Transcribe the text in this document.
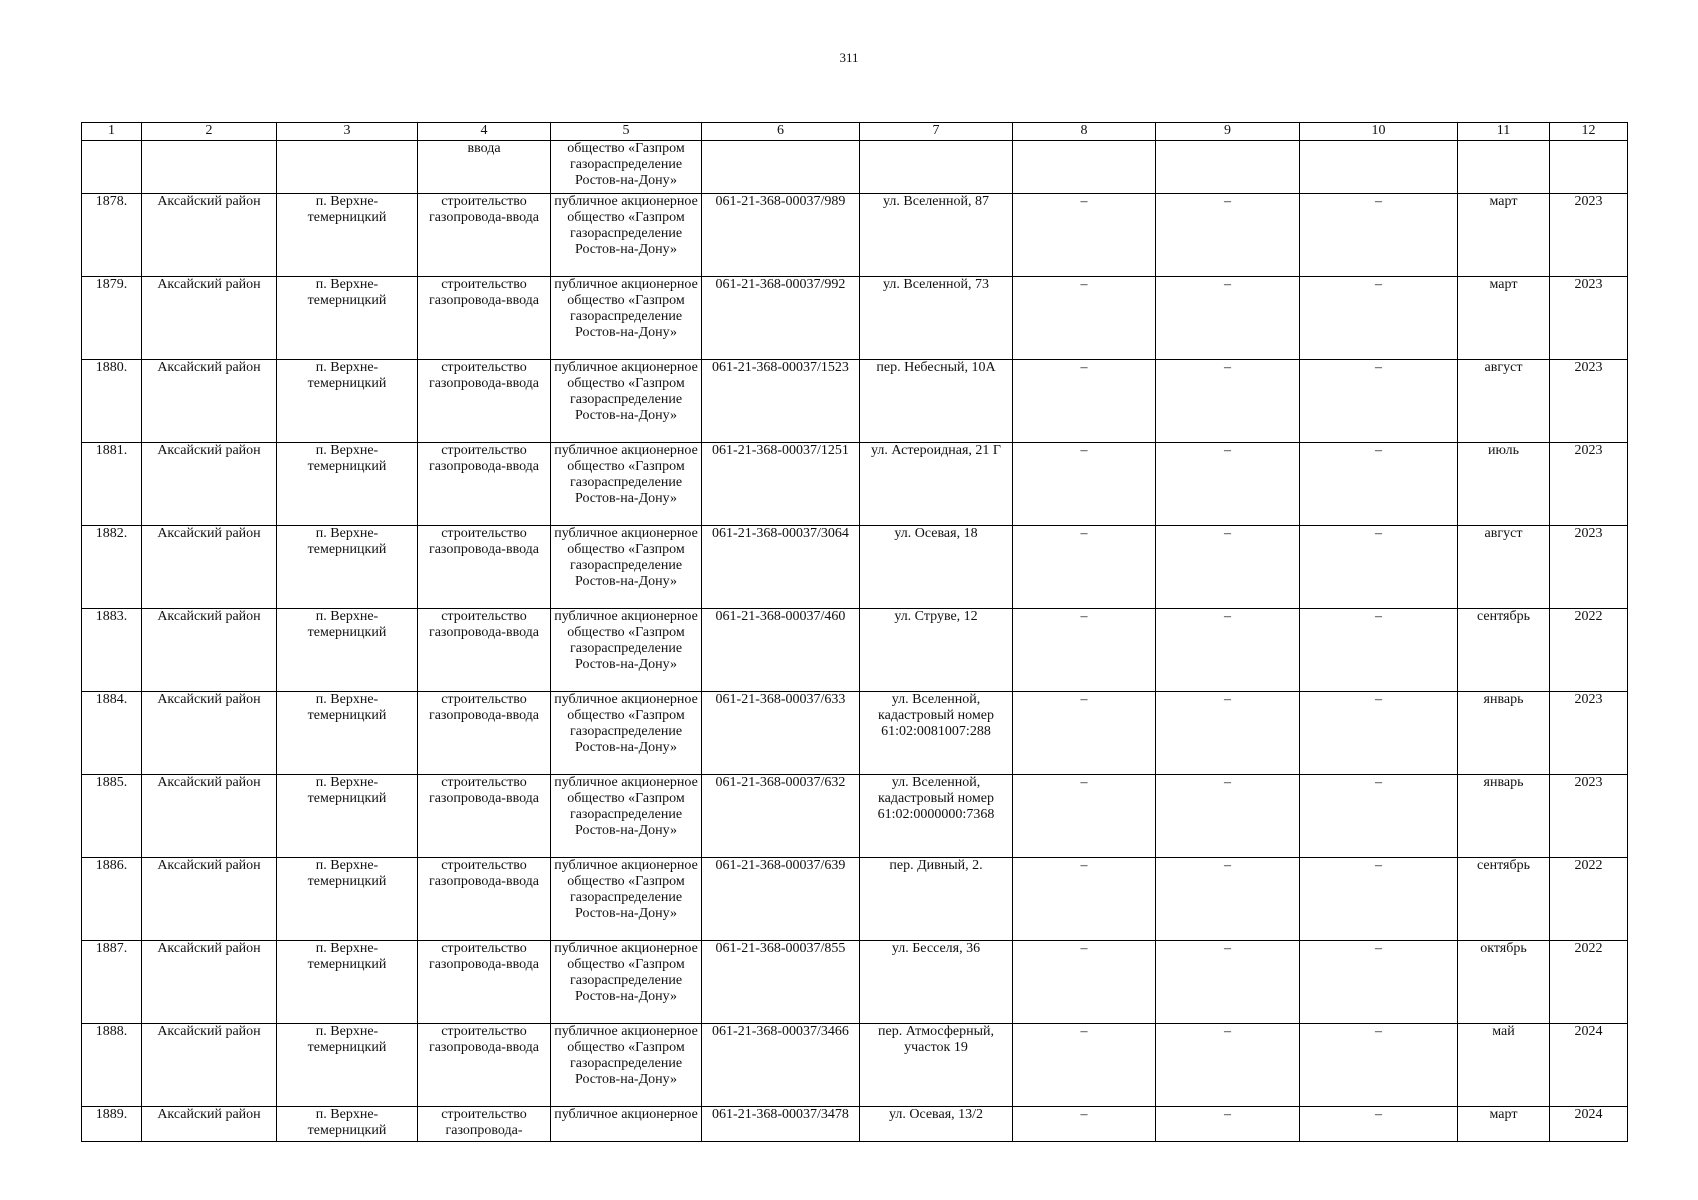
311
1	2	3	4	5	6	7	8	9	10	11	12
			ввода	общество «Газпром газораспределение Ростов-на-Дону»							

1878.	Аксайский район	п. Верхне-темерницкий	строительство газопровода-ввода	публичное акционерное общество «Газпром газораспределение Ростов-на-Дону»	061-21-368-00037/989	ул. Вселенной, 87	–	–	–	март	2023

1879.	Аксайский район	п. Верхне-темерницкий	строительство газопровода-ввода	публичное акционерное общество «Газпром газораспределение Ростов-на-Дону»	061-21-368-00037/992	ул. Вселенной, 73	–	–	–	март	2023

1880.	Аксайский район	п. Верхне-темерницкий	строительство газопровода-ввода	публичное акционерное общество «Газпром газораспределение Ростов-на-Дону»	061-21-368-00037/1523	пер. Небесный, 10А	–	–	–	август	2023

1881.	Аксайский район	п. Верхне-темерницкий	строительство газопровода-ввода	публичное акционерное общество «Газпром газораспределение Ростов-на-Дону»	061-21-368-00037/1251	ул. Астероидная, 21 Г	–	–	–	июль	2023

1882.	Аксайский район	п. Верхне-темерницкий	строительство газопровода-ввода	публичное акционерное общество «Газпром газораспределение Ростов-на-Дону»	061-21-368-00037/3064	ул. Осевая, 18	–	–	–	август	2023

1883.	Аксайский район	п. Верхне-темерницкий	строительство газопровода-ввода	публичное акционерное общество «Газпром газораспределение Ростов-на-Дону»	061-21-368-00037/460	ул. Струве, 12	–	–	–	сентябрь	2022

1884.	Аксайский район	п. Верхне-темерницкий	строительство газопровода-ввода	публичное акционерное общество «Газпром газораспределение Ростов-на-Дону»	061-21-368-00037/633	ул. Вселенной, кадастровый номер 61:02:0081007:288	–	–	–	январь	2023

1885.	Аксайский район	п. Верхне-темерницкий	строительство газопровода-ввода	публичное акционерное общество «Газпром газораспределение Ростов-на-Дону»	061-21-368-00037/632	ул. Вселенной, кадастровый номер 61:02:0000000:7368	–	–	–	январь	2023

1886.	Аксайский район	п. Верхне-темерницкий	строительство газопровода-ввода	публичное акционерное общество «Газпром газораспределение Ростов-на-Дону»	061-21-368-00037/639	пер. Дивный, 2.	–	–	–	сентябрь	2022

1887.	Аксайский район	п. Верхне-темерницкий	строительство газопровода-ввода	публичное акционерное общество «Газпром газораспределение Ростов-на-Дону»	061-21-368-00037/855	ул. Бесселя, 36	–	–	–	октябрь	2022

1888.	Аксайский район	п. Верхне-темерницкий	строительство газопровода-ввода	публичное акционерное общество «Газпром газораспределение Ростов-на-Дону»	061-21-368-00037/3466	пер. Атмосферный, участок 19	–	–	–	май	2024

1889.	Аксайский район	п. Верхне-темерницкий	строительство газопровода-	публичное акционерное	061-21-368-00037/3478	ул. Осевая, 13/2	–	–	–	март	2024
